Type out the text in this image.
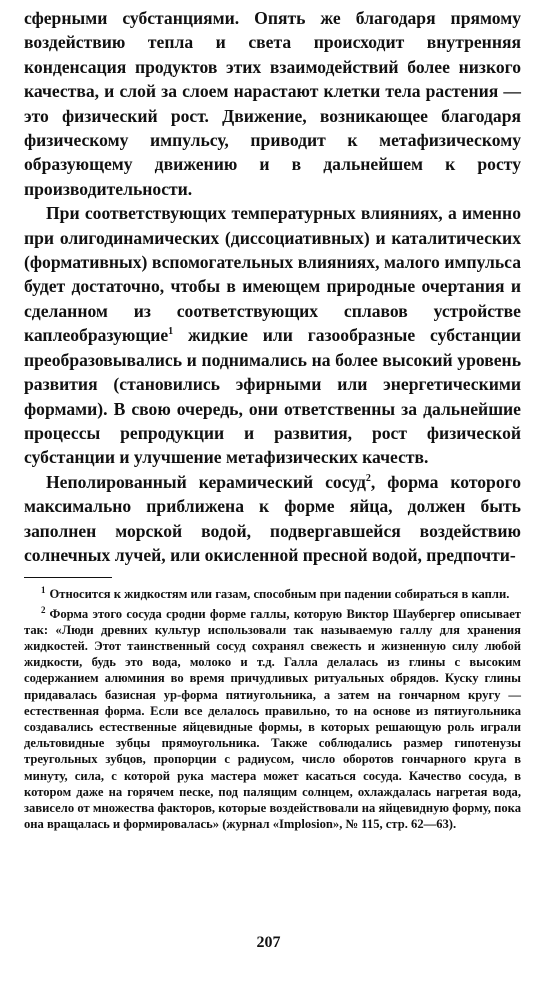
сферными субстанциями. Опять же благодаря прямому воздействию тепла и света происходит внутренняя конденсация продуктов этих взаимодействий более низкого качества, и слой за слоем нарастают клетки тела растения — это физический рост. Движение, возникающее благодаря физическому импульсу, приводит к метафизическому образующему движению и в дальнейшем к росту производительности.

При соответствующих температурных влияниях, а именно при олигодинамических (диссоциативных) и каталитических (формативных) вспомогательных влияниях, малого импульса будет достаточно, чтобы в имеющем природные очертания и сделанном из соответствующих сплавов устройстве каплеобразующие$^1$ жидкие или газообразные субстанции преобразовывались и поднимались на более высокий уровень развития (становились эфирными или энергетическими формами). В свою очередь, они ответственны за дальнейшие процессы репродукции и развития, рост физической субстанции и улучшение метафизических качеств.

Неполированный керамический сосуд$^2$, форма которого максимально приближена к форме яйца, должен быть заполнен морской водой, подвергавшейся воздействию солнечных лучей, или окисленной пресной водой, предпочти-

$^1$ Относится к жидкостям или газам, способным при падении собираться в капли.

$^2$ Форма этого сосуда сродни форме галлы, которую Виктор Шаубергер описывает так: «Люди древних культур использовали так называемую галлу для хранения жидкостей. Этот таинственный сосуд сохранял свежесть и жизненную силу любой жидкости, будь это вода, молоко и т.д. Галла делалась из глины с высоким содержанием алюминия во время причудливых ритуальных обрядов. Куску глины придавалась базисная ур-форма пятиугольника, а затем на гончарном кругу — естественная форма. Если все делалось правильно, то на основе из пятиугольника создавались естественные яйцевидные формы, в которых решающую роль играли дельтовидные зубцы прямоугольника. Также соблюдались размер гипотенузы треугольных зубцов, пропорции с радиусом, число оборотов гончарного круга в минуту, сила, с которой рука мастера может касаться сосуда. Качество сосуда, в котором даже на горячем песке, под палящим солнцем, охлаждалась нагретая вода, зависело от множества факторов, которые воздействовали на яйцевидную форму, пока она вращалась и формировалась» (журнал «Implosion», № 115, стр. 62—63).

207
